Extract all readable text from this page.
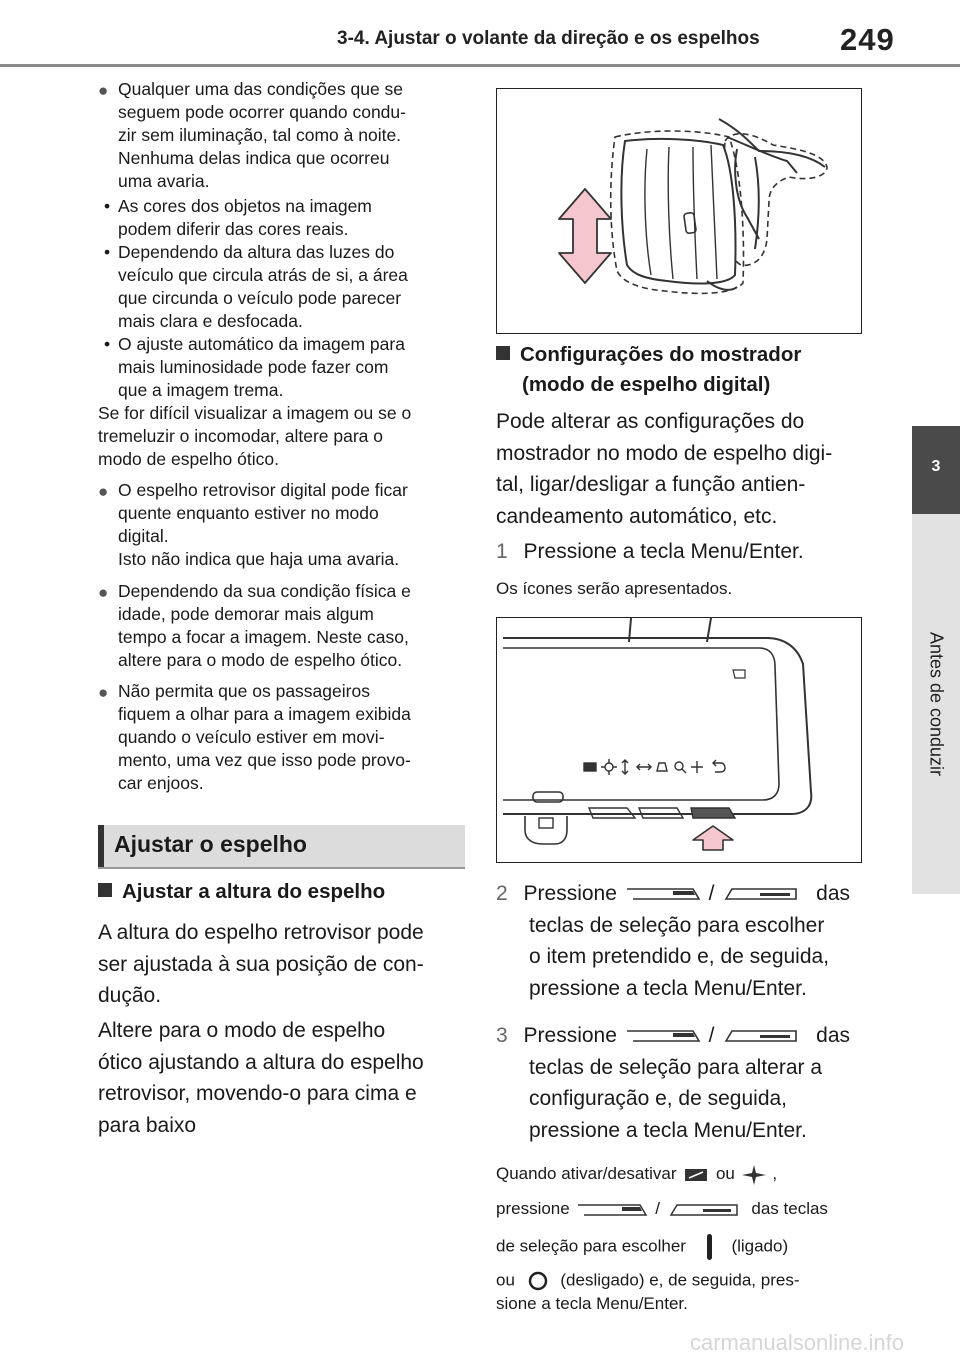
3-4. Ajustar o volante da direção e os espelhos	249
3
Antes de conduzir
● Qualquer uma das condições que se
seguem pode ocorrer quando condu-
zir sem iluminação, tal como à noite.
Nenhuma delas indica que ocorreu
uma avaria.
• As cores dos objetos na imagem
podem diferir das cores reais.
• Dependendo da altura das luzes do
veículo que circula atrás de si, a área
que circunda o veículo pode parecer
mais clara e desfocada.
• O ajuste automático da imagem para
mais luminosidade pode fazer com
que a imagem trema.
Se for difícil visualizar a imagem ou se o
tremeluzir o incomodar, altere para o
modo de espelho ótico.
● O espelho retrovisor digital pode ficar
quente enquanto estiver no modo
digital.
Isto não indica que haja uma avaria.
● Dependendo da sua condição física e
idade, pode demorar mais algum
tempo a focar a imagem. Neste caso,
altere para o modo de espelho ótico.
● Não permita que os passageiros
fiquem a olhar para a imagem exibida
quando o veículo estiver em movi-
mento, uma vez que isso pode provo-
car enjoos.
Ajustar o espelho
Ajustar a altura do espelho
A altura do espelho retrovisor pode
ser ajustada à sua posição de con-
dução.
Altere para o modo de espelho
ótico ajustando a altura do espelho
retrovisor, movendo-o para cima e
para baixo
Configurações do mostrador
(modo de espelho digital)
Pode alterar as configurações do
mostrador no modo de espelho digi-
tal, ligar/desligar a função antien-
candeamento automático, etc.
1 Pressione a tecla Menu/Enter.
Os ícones serão apresentados.
2 Pressione	/	das
teclas de seleção para escolher
o item pretendido e, de seguida,
pressione a tecla Menu/Enter.
3 Pressione	/	das
teclas de seleção para alterar a
configuração e, de seguida,
pressione a tecla Menu/Enter.
Quando ativar/desativar ou ,
pressione	/	das teclas
de seleção para escolher	(ligado)
ou	(desligado) e, de seguida, pres-
sione a tecla Menu/Enter.
carmanualsonline.info
